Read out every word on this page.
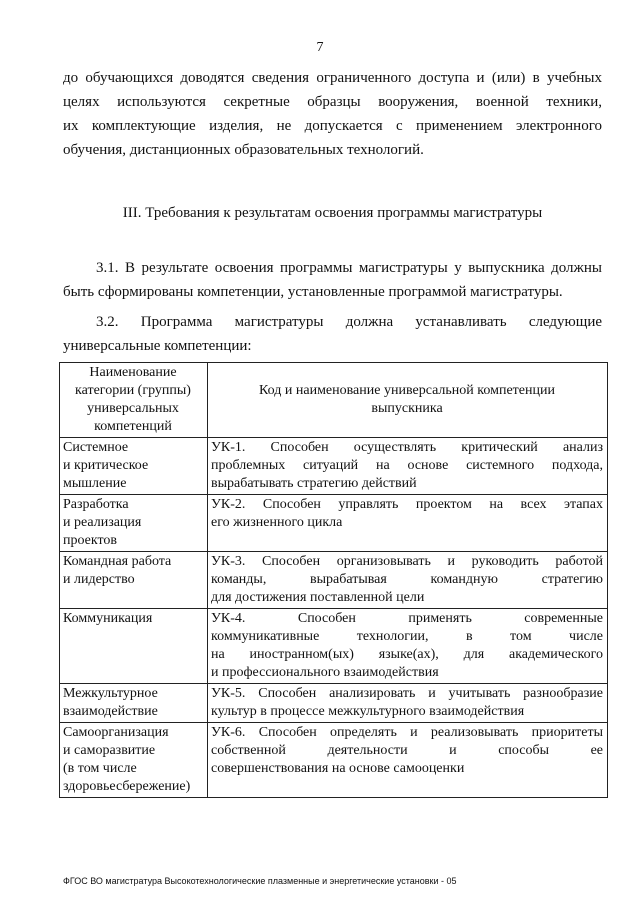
7
до обучающихся доводятся сведения ограниченного доступа и (или) в учебных
целях используются секретные образцы вооружения, военной техники,
их комплектующие изделия, не допускается с применением электронного
обучения, дистанционных образовательных технологий.
III. Требования к результатам освоения программы магистратуры
3.1. В результате освоения программы магистратуры у выпускника должны
быть сформированы компетенции, установленные программой магистратуры.
3.2. Программа магистратуры должна устанавливать следующие
универсальные компетенции:
Наименование
категории (группы)
универсальных
компетенций	Код и наименование универсальной компетенции
выпускника

Системное
и критическое
мышление	УК-1. Способен осуществлять критический анализ
проблемных ситуаций на основе системного подхода,
вырабатывать стратегию действий

Разработка
и реализация
проектов	УК-2. Способен управлять проектом на всех этапах
его жизненного цикла

Командная работа
и лидерство	УК-3. Способен организовывать и руководить работой
команды, вырабатывая командную стратегию
для достижения поставленной цели

Коммуникация	УК-4. Способен применять современные
коммуникативные технологии, в том числе
на иностранном(ых) языке(ах), для академического
и профессионального взаимодействия

Межкультурное
взаимодействие	УК-5. Способен анализировать и учитывать разнообразие
культур в процессе межкультурного взаимодействия

Самоорганизация
и саморазвитие
(в том числе
здоровьесбережение)	УК-6. Способен определять и реализовывать приоритеты
собственной деятельности и способы ее
совершенствования на основе самооценки
ФГОС ВО магистратура Высокотехнологические плазменные и энергетические установки - 05
